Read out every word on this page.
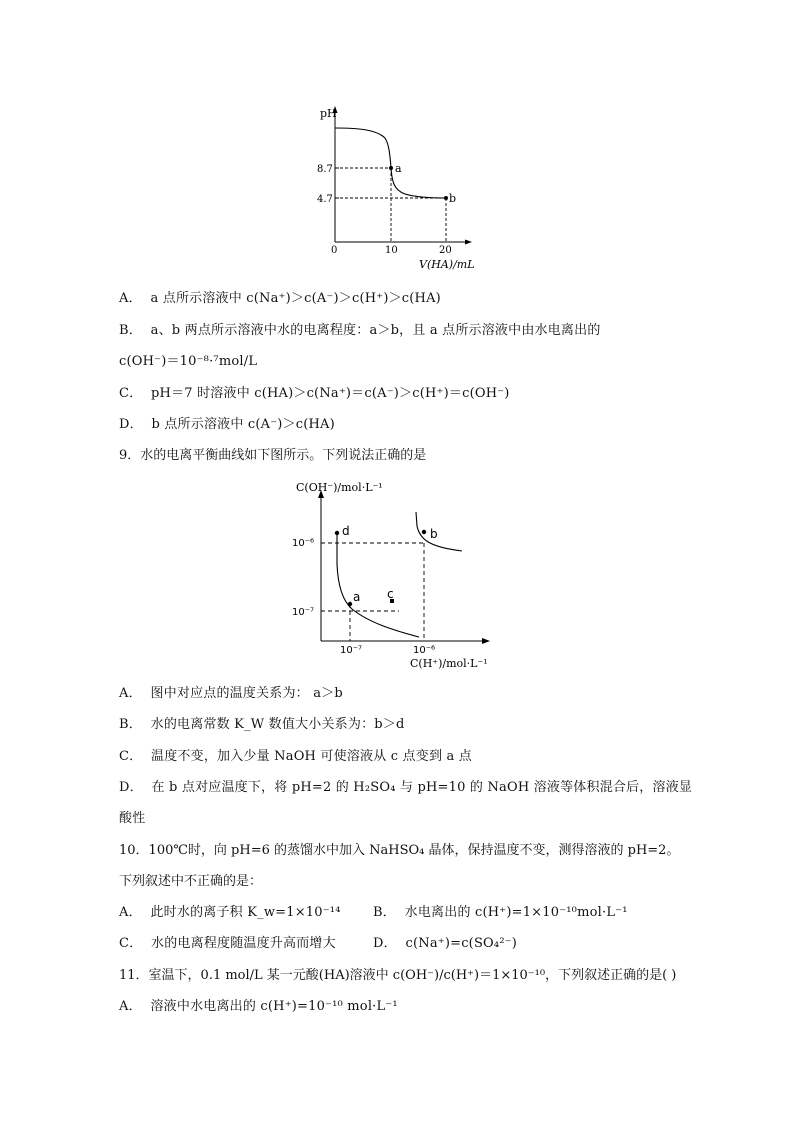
pH
8.7
4.7
0	10	20
V(HA)/mL
a
b
A． a 点所示溶液中 c(Na⁺)＞c(A⁻)＞c(H⁺)＞c(HA)
B． a、b 两点所示溶液中水的电离程度：a＞b，且 a 点所示溶液中由水电离出的
c(OH⁻)＝10⁻⁸·⁷mol/L
C． pH＝7 时溶液中 c(HA)＞c(Na⁺)＝c(A⁻)＞c(H⁺)＝c(OH⁻)
D． b 点所示溶液中 c(A⁻)＞c(HA)
9．水的电离平衡曲线如下图所示。下列说法正确的是
C(OH⁻)/mol·L⁻¹
C(H⁺)/mol·L⁻¹
10⁻⁶
10⁻⁷
10⁻⁷	10⁻⁶
d	b
a c
A． 图中对应点的温度关系为： a＞b
B． 水的电离常数 K_W 数值大小关系为：b＞d
C． 温度不变，加入少量 NaOH 可使溶液从 c 点变到 a 点
D． 在 b 点对应温度下，将 pH=2 的 H₂SO₄ 与 pH=10 的 NaOH 溶液等体积混合后，溶液显
酸性
10．100℃时，向 pH=6 的蒸馏水中加入 NaHSO₄ 晶体，保持温度不变，测得溶液的 pH=2。
下列叙述中不正确的是：
A． 此时水的离子积 K_w=1×10⁻¹⁴ B． 水电离出的 c(H⁺)=1×10⁻¹⁰mol·L⁻¹
C． 水的电离程度随温度升高而增大	D． c(Na⁺)=c(SO₄²⁻)
11．室温下，0.1 mol/L 某一元酸(HA)溶液中 c(OH⁻)/c(H⁺)＝1×10⁻¹⁰，下列叙述正确的是( )
A． 溶液中水电离出的 c(H⁺)=10⁻¹⁰ mol·L⁻¹
